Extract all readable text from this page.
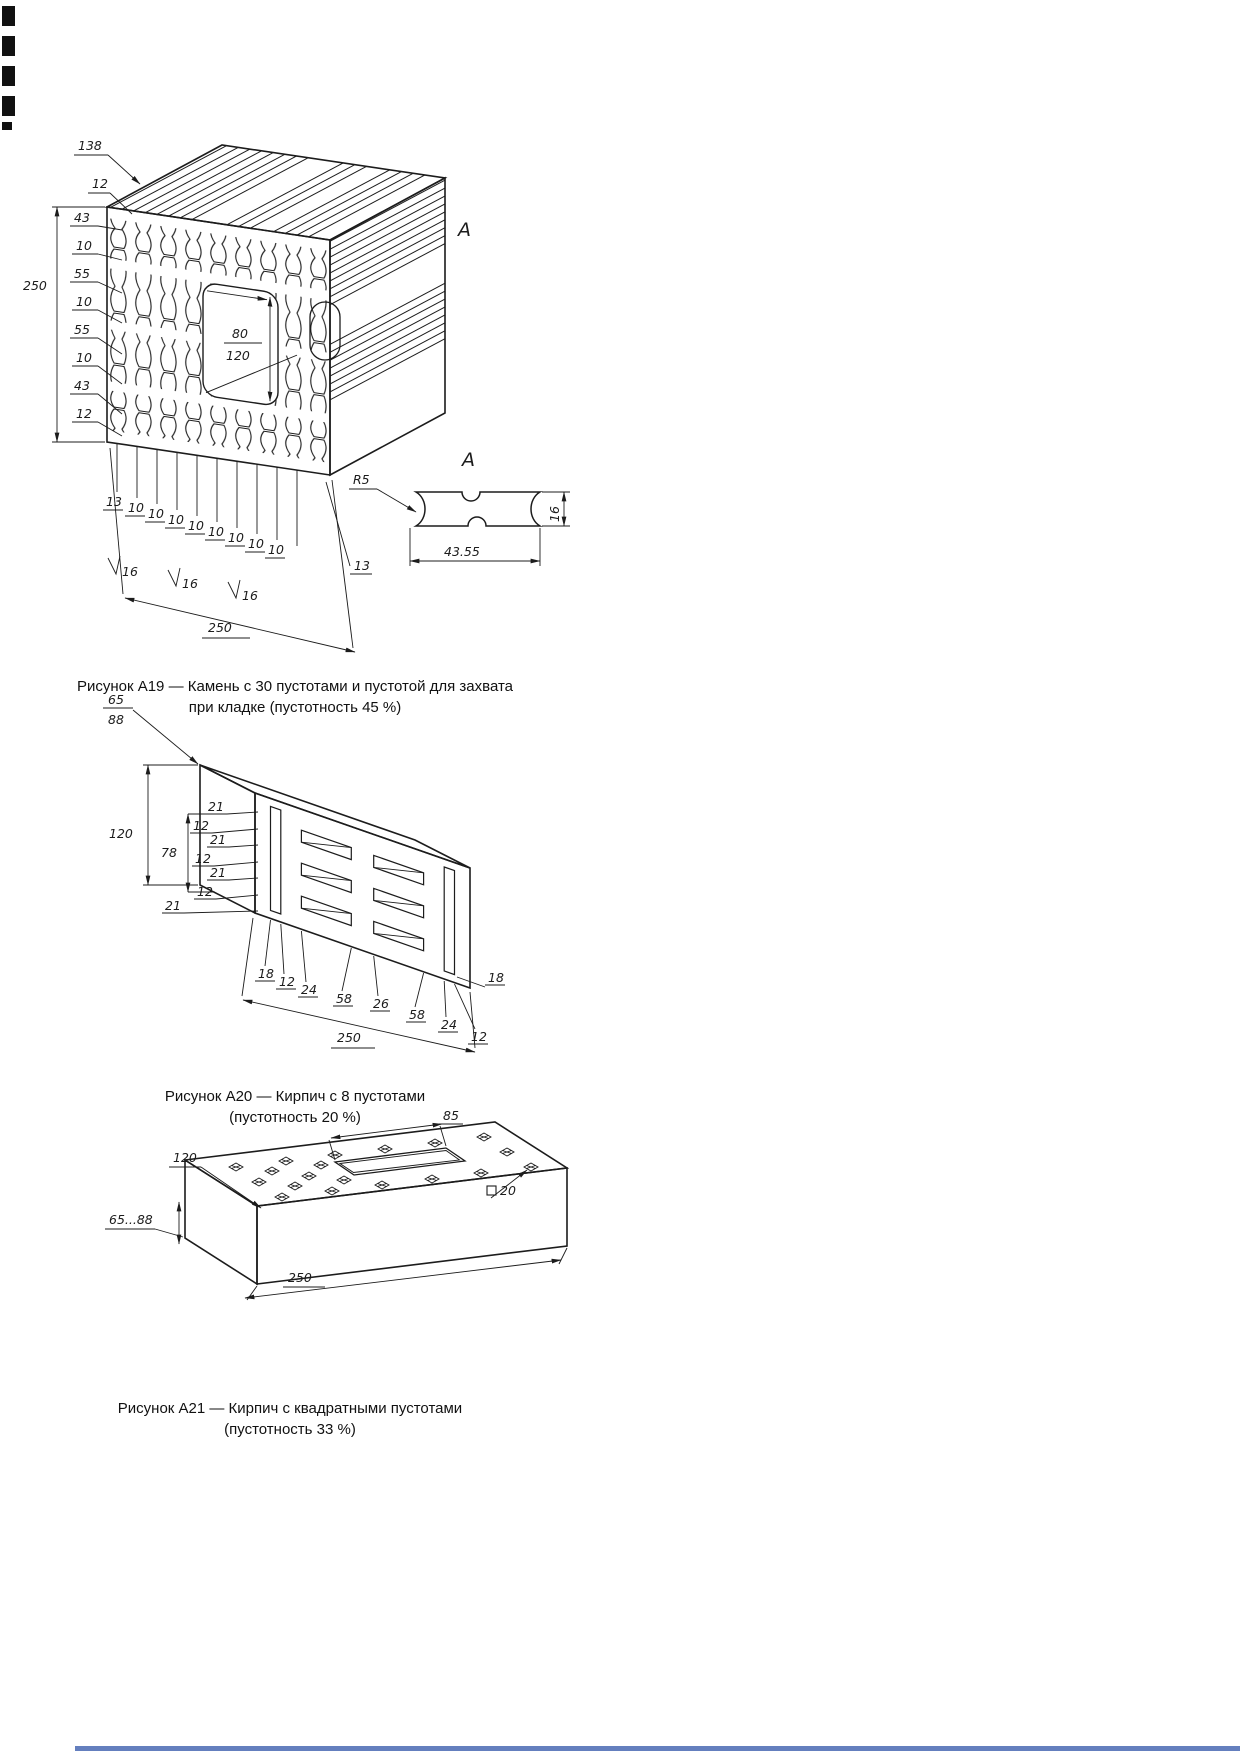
80
120
250
138
12
43
10
55
10
55
10
43
12
13 10 10 10 10 10 10 10 10
16
16
16
13
250
A
A
R5
16
43.55
Рисунок А19 — Камень с 30 пустотами и пустотой для захвата
при кладке (пустотность 45 %)
65
88
120
78
21
12
21
12
21
12
21
18
12
24
58 26
58
24
12
18
250
Рисунок А20 — Кирпич с 8 пустотами
(пустотность 20 %)
120
85
20
65...88
250
Рисунок А21 — Кирпич с квадратными пустотами
(пустотность 33 %)
